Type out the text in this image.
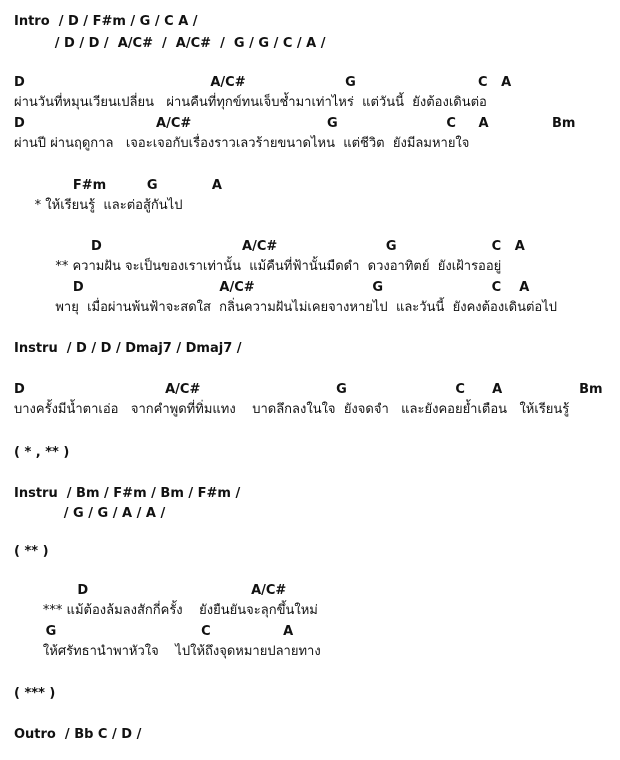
Intro  / D / F#m / G / C A /
/ D / D /  A/C#  /  A/C#  /  G / G / C / A /
D                                         A/C#                      G                           C   A
ผ่านวันที่หมุนเวียนเปลี่ยน   ผ่านคืนที่ทุกข์ทนเจ็บช้ำมาเท่าไหร่  แต่วันนี้  ยังต้องเดินต่อ
D                             A/C#                              G                        C     A              Bm
ผ่านปี ผ่านฤดูกาล   เจอะเจอกับเรื่องราวเลวร้ายขนาดไหน  แต่ชีวิต  ยังมีลมหายใจ
F#m         G            A
* ให้เรียนรู้  และต่อสู้กันไป
D                               A/C#                        G                     C   A
** ความฝัน จะเป็นของเราเท่านั้น  แม้คืนที่ฟ้านั้นมืดดำ  ดวงอาทิตย์  ยังเฝ้ารออยู่
D                              A/C#                          G                        C    A
พายุ  เมื่อผ่านพ้นฟ้าจะสดใส  กลิ่นความฝันไม่เคยจางหายไป  และวันนี้  ยังคงต้องเดินต่อไป
Instru  / D / D / Dmaj7 / Dmaj7 /
D                               A/C#                              G                        C      A                 Bm
บางครั้งมีน้ำตาเอ่อ   จากคำพูดที่ทิ่มแทง    บาดลึกลงในใจ  ยังจดจำ   และยังคอยย้ำเตือน   ให้เรียนรู้
( * , ** )
Instru  / Bm / F#m / Bm / F#m /
/ G / G / A / A /
( ** )
D                                    A/C#
*** แม้ต้องล้มลงสักกี่ครั้ง    ยังยืนยันจะลุกขึ้นใหม่
G                                C                A
ให้ศรัทธานำพาหัวใจ    ไปให้ถึงจุดหมายปลายทาง
( *** )
Outro  / Bb C / D /
